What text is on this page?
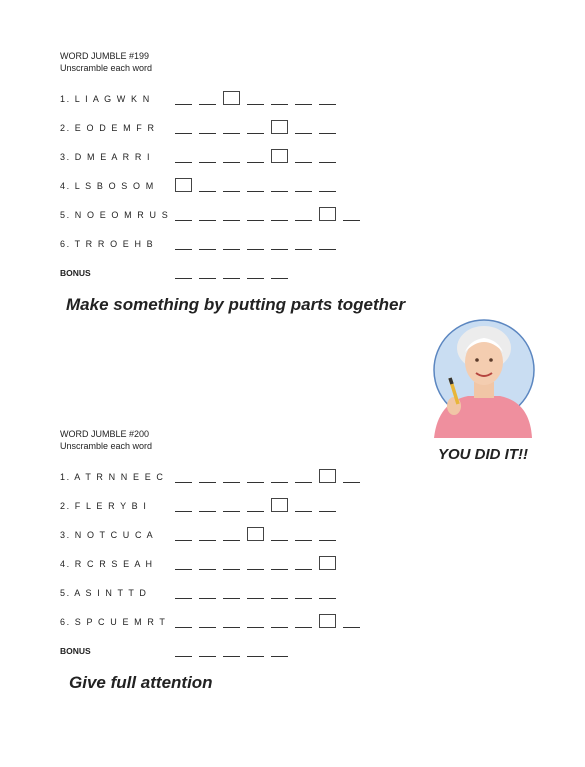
WORD JUMBLE #199
Unscramble each word
1. L I A G W K N
2. E O D E M F R
3. D M E A R R I
4. L S B O S O M
5. N O E O M R U S
6. T R R O E H B
BONUS
Make something by putting parts together
WORD JUMBLE #200
Unscramble each word
1. A T R N N E E C
2. F L E R Y B I
3. N O T C U C A
4. R C R S E A H
5. A S I N T T D
6. S P C U E M R T
BONUS
Give full attention
YOU DID IT!!
